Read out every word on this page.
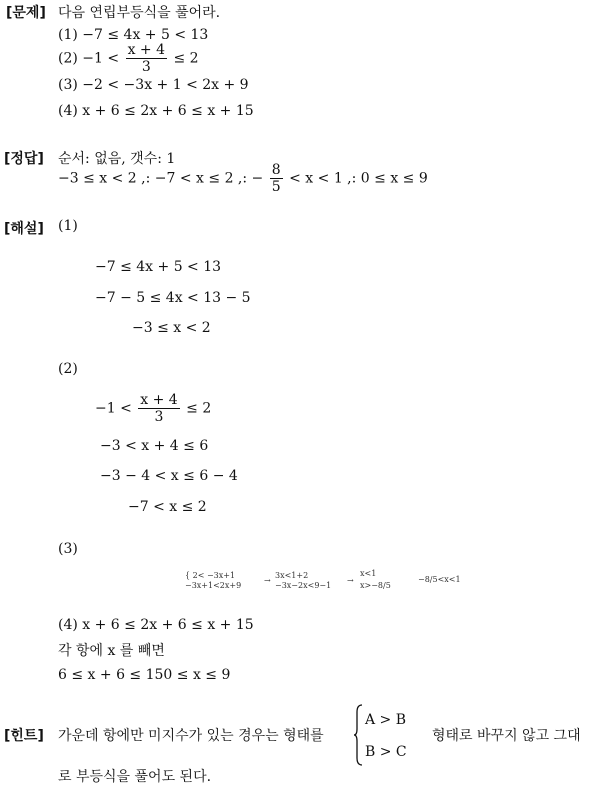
[문제] 다음 연립부등식을 풀어라.
(1) −7 ≤ 4x + 5 < 13
$(2) -1 < \frac{x + 4}{3} \le 2$
(3) −2 < −3x + 1 < 2x + 9
(4) x + 6 ≤ 2x + 6 ≤ x + 15
[정답] 순서: 없음, 갯수: 1
−3 ≤ x < 2 ,: −7 < x ≤ 2 ,: − $\frac{8}{5} < x < 1$ ,: 0 ≤ x ≤ 9
[해설] (1)
−7 ≤ 4x + 5 < 13
−7 − 5 ≤ 4x < 13 − 5
−3 ≤ x < 2
(2)
$-1 < \frac{x + 4}{3} \le 2$
−3 < x + 4 ≤ 6
−3 − 4 < x ≤ 6 − 4
−7 < x ≤ 2
(3)
{ 2< −3x+1
−3x+1<2x+9
→
3x<1+2
−3x−2x<9−1
→
x<1
x>−8/5
−8/5<x<1
(4) x + 6 ≤ 2x + 6 ≤ x + 15
각 항에 x 를 빼면
6 ≤ x + 6 ≤ 150 ≤ x ≤ 9
[힌트] 가운데 항에만 미지수가 있는 경우는 형태를
A > B
B > C
형태로 바꾸지 않고 그대
로 부등식을 풀어도 된다.
